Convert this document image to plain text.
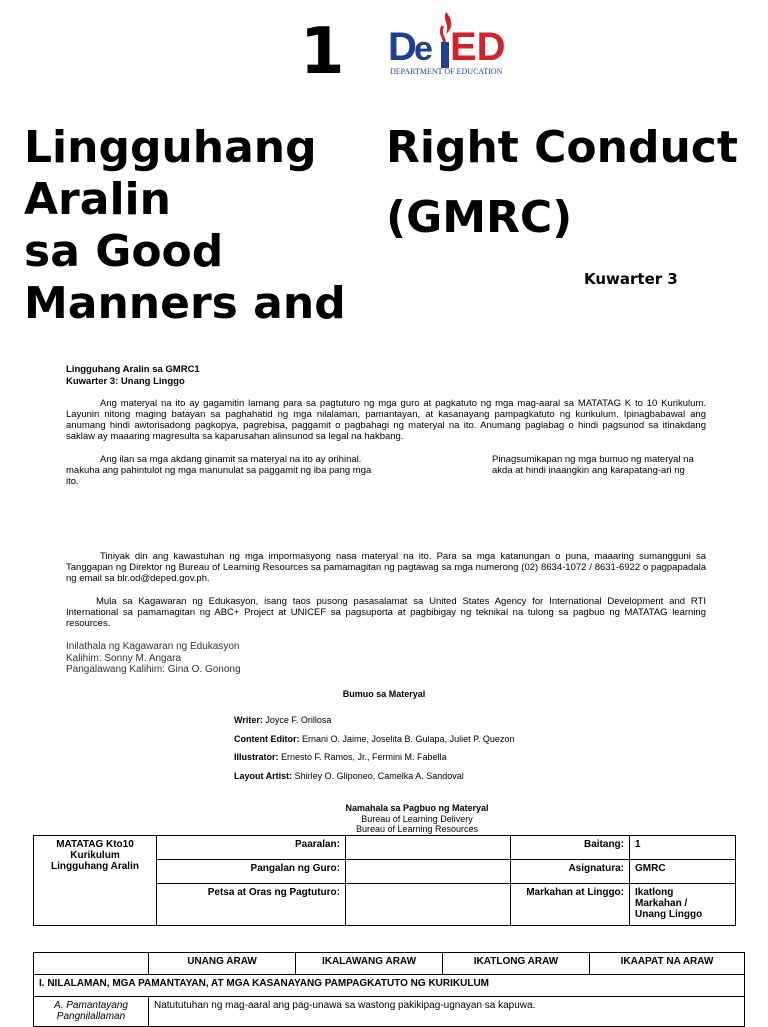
1 D
e ED
DEPARTMENT OF EDUCATION
Lingguhang
Aralin
sa Good
Manners and
Right Conduct
(GMRC)
Kuwarter 3
Lingguhang Aralin sa GMRC1
Kuwarter 3: Unang Linggo
Ang materyal na ito ay gagamitin lamang para sa pagtuturo ng mga guro at pagkatuto ng mga mag-aaral sa MATATAG K to 10 Kurikulum. Layunin nitong maging batayan sa paghahatid ng mga nilalaman, pamantayan, at kasanayang pampagkatuto ng kurikulum. Ipinagbabawal ang anumang hindi awtorisadong pagkopya, pagrebisa, paggamit o pagbahagi ng materyal na ito. Anumang paglabag o hindi pagsunod sa itinakdang saklaw ay maaaring magresulta sa kaparusahan alinsunod sa legal na hakbang.
Ang ilan sa mga akdang ginamit sa materyal na ito ay orihinal. makuha ang pahintulot ng mga manunulat sa paggamit ng iba pang mga ito.
Pinagsumikapan ng mga bumuo ng materyal na akda at hindi inaangkin ang karapatang-ari ng
Tiniyak din ang kawastuhan ng mga impormasyong nasa materyal na ito. Para sa mga katanungan o puna, maaaring sumangguni sa Tanggapan ng Direktor ng Bureau of Learning Resources sa pamamagitan ng pagtawag sa mga numerong (02) 8634-1072 / 8631-6922 o pagpapadala ng email sa blr.od@deped.gov.ph.
Mula sa Kagawaran ng Edukasyon, isang taos pusong pasasalamat sa United States Agency for International Development and RTI International sa pamamagitan ng ABC+ Project at UNICEF sa pagsuporta at pagbibigay ng teknikal na tulong sa pagbuo ng MATATAG learning resources.
Inilathala ng Kagawaran ng Edukasyon
Kalihim: Sonny M. Angara
Pangalawang Kalihim: Gina O. Gonong
Bumuo sa Materyal
Writer: Joyce F. Orillosa
Content Editor: Ernani O. Jaime, Joselita B. Gulapa, Juliet P. Quezon
Illustrator: Ernesto F. Ramos, Jr., Fermini M. Fabella
Layout Artist: Shirley O. Gliponeo, Camelka A. Sandoval
Namahala sa Pagbuo ng Materyal
Bureau of Learning Delivery
Bureau of Learning Resources
MATATAG Kto10
Kurikulum
Lingguhang Aralin	Paaralan:		Baitang:	1
	Pangalan ng Guro:		Asignatura:	GMRC
	Petsa at Oras ng Pagtuturo:		Markahan at Linggo:	Ikatlong
Markahan /
Unang Linggo
	UNANG ARAW	IKALAWANG ARAW	IKATLONG ARAW	IKAAPAT NA ARAW
I. NILALAMAN, MGA PAMANTAYAN, AT MGA KASANAYANG PAMPAGKATUTO NG KURIKULUM				

A. Pamantayang
Pangnilallaman	Natututuhan ng mag-aaral ang pag-unawa sa wastong pakikipag-ugnayan sa kapuwa.			
